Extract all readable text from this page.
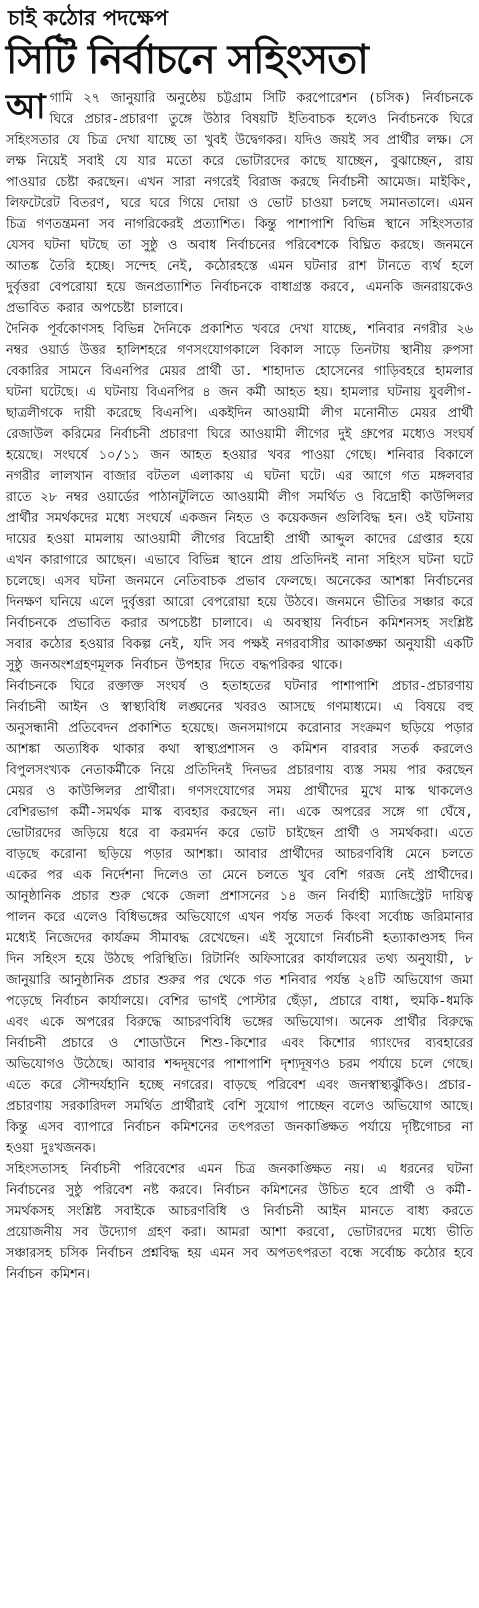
চাই কঠোর পদক্ষেপ
সিটি নির্বাচনে সহিংসতা

আগামি ২৭ জানুয়ারি অনুষ্ঠেয় চট্টগ্রাম সিটি করপোরেশন (চসিক) নির্বাচনকে ঘিরে প্রচার-প্রচারণা তুঙ্গে উঠার বিষয়টি ইতিবাচক হলেও নির্বাচনকে ঘিরে সহিংসতার যে চিত্র দেখা যাচ্ছে তা খুবই উদ্বেগকর। যদিও জয়ই সব প্রার্থীর লক্ষ। সে লক্ষ নিয়েই সবাই যে যার মতো করে ভোটারদের কাছে যাচ্ছেন, বুঝাচ্ছেন, রায় পাওয়ার চেষ্টা করছেন। এখন সারা নগরেই বিরাজ করছে নির্বাচনী আমেজ। মাইকিং, লিফটেরেট বিতরণ, ঘরে ঘরে গিয়ে দোয়া ও ভোট চাওয়া চলছে সমানতালে। এমন চিত্র গণতন্ত্রমনা সব নাগরিকেরই প্রত্যাশিত। কিন্তু পাশাপাশি বিভিন্ন স্থানে সহিংসতার যেসব ঘটনা ঘটছে তা সুষ্ঠু ও অবাধ নির্বাচনের পরিবেশকে বিঘ্নিত করছে। জনমনে আতঙ্ক তৈরি হচ্ছে। সন্দেহ নেই, কঠোরহস্তে এমন ঘটনার রাশ টানতে ব্যর্থ হলে দুর্বৃত্তরা বেপরোয়া হয়ে জনপ্রত্যাশিত নির্বাচনকে বাধাগ্রস্ত করবে, এমনকি জনরায়কেও প্রভাবিত করার অপচেষ্টা চালাবে।

দৈনিক পূর্বকোণসহ বিভিন্ন দৈনিকে প্রকাশিত খবরে দেখা যাচ্ছে, শনিবার নগরীর ২৬ নম্বর ওয়ার্ড উত্তর হালিশহরে গণসংযোগকালে বিকাল সাড়ে তিনটায় স্থানীয় রুপসা বেকারির সামনে বিএনপির মেয়র প্রার্থী ডা. শাহাদাত হোসেনের গাড়িবহরে হামলার ঘটনা ঘটেছে। এ ঘটনায় বিএনপির ৪ জন কর্মী আহত হয়। হামলার ঘটনায় যুবলীগ-ছাত্রলীগকে দায়ী করেছে বিএনপি। একইদিন আওয়ামী লীগ মনোনীত মেয়র প্রার্থী রেজাউল করিমের নির্বাচনী প্রচারণা ঘিরে আওয়ামী লীগের দুই গ্রুপের মধ্যেও সংঘর্ষ হয়েছে। সংঘর্ষে ১০/১১ জন আহত হওয়ার খবর পাওয়া গেছে। শনিবার বিকালে নগরীর লালখান বাজার বটতল এলাকায় এ ঘটনা ঘটে। এর আগে গত মঙ্গলবার রাতে ২৮ নম্বর ওয়ার্ডের পাঠানটুলিতে আওয়ামী লীগ সমর্থিত ও বিদ্রোহী কাউন্সিলর প্রার্থীর সমর্থকদের মধ্যে সংঘর্ষে একজন নিহত ও কয়েকজন গুলিবিদ্ধ হন। ওই ঘটনায় দায়ের হওয়া মামলায় আওয়ামী লীগের বিদ্রোহী প্রার্থী আব্দুল কাদের গ্রেপ্তার হয়ে এখন কারাগারে আছেন। এভাবে বিভিন্ন স্থানে প্রায় প্রতিদিনই নানা সহিংস ঘটনা ঘটে চলেছে। এসব ঘটনা জনমনে নেতিবাচক প্রভাব ফেলছে। অনেকের আশঙ্কা নির্বাচনের দিনক্ষণ ঘনিয়ে এলে দুর্বৃত্তরা আরো বেপরোয়া হয়ে উঠবে। জনমনে ভীতির সঞ্চার করে নির্বাচনকে প্রভাবিত করার অপচেষ্টা চালাবে। এ অবস্থায় নির্বাচন কমিশনসহ সংশ্লিষ্ট সবার কঠোর হওয়ার বিকল্প নেই, যদি সব পক্ষই নগরবাসীর আকাঙ্ক্ষা অনুযায়ী একটি সুষ্ঠু জনঅংশগ্রহণমূলক নির্বাচন উপহার দিতে বদ্ধপরিকর থাকে।

নির্বাচনকে ঘিরে রক্তাক্ত সংঘর্ষ ও হতাহতের ঘটনার পাশাপাশি প্রচার-প্রচারণায় নির্বাচনী আইন ও স্বাস্থ্যবিধি লঙ্ঘনের খবরও আসছে গণমাধ্যমে। এ বিষয়ে বহু অনুসন্ধানী প্রতিবেদন প্রকাশিত হয়েছে। জনসমাগমে করোনার সংক্রমণ ছড়িয়ে পড়ার আশঙ্কা অত্যধিক থাকার কথা স্বাস্থ্যপ্রশাসন ও কমিশন বারবার সতর্ক করলেও বিপুলসংখ্যক নেতাকর্মীকে নিয়ে প্রতিদিনই দিনভর প্রচারণায় ব্যস্ত সময় পার করছেন মেয়র ও কাউন্সিলর প্রার্থীরা। গণসংযোগের সময় প্রার্থীদের মুখে মাস্ক থাকলেও বেশিরভাগ কর্মী-সমর্থক মাস্ক ব্যবহার করছেন না। একে অপরের সঙ্গে গা ঘেঁষে, ভোটারদের জড়িয়ে ধরে বা করমর্দন করে ভোট চাইছেন প্রার্থী ও সমর্থকরা। এতে বাড়ছে করোনা ছড়িয়ে পড়ার আশঙ্কা। আবার প্রার্থীদের আচরণবিধি মেনে চলতে একের পর এক নির্দেশনা দিলেও তা মেনে চলতে খুব বেশি গরজ নেই প্রার্থীদের। আনুষ্ঠানিক প্রচার শুরু থেকে জেলা প্রশাসনের ১৪ জন নির্বাহী ম্যাজিস্ট্রেট দায়িত্ব পালন করে এলেও বিধিভঙ্গের অভিযোগে এখন পর্যন্ত সতর্ক কিংবা সর্বোচ্চ জরিমানার মধ্যেই নিজেদের কার্যক্রম সীমাবদ্ধ রেখেছেন। এই সুযোগে নির্বাচনী হত্যাকাণ্ডসহ দিন দিন সহিংস হয়ে উঠছে পরিস্থিতি। রিটার্নিং অফিসারের কার্যালয়ের তথ্য অনুযায়ী, ৮ জানুয়ারি আনুষ্ঠানিক প্রচার শুরুর পর থেকে গত শনিবার পর্যন্ত ২৪টি অভিযোগ জমা পড়েছে নির্বাচন কার্যালয়ে। বেশির ভাগই পোস্টার ছেঁড়া, প্রচারে বাধা, হুমকি-ধমকি এবং একে অপরের বিরুদ্ধে আচরণবিধি ভঙ্গের অভিযোগ। অনেক প্রার্থীর বিরুদ্ধে নির্বাচনী প্রচারে ও শোডাউনে শিশু-কিশোর এবং কিশোর গ্যাংদের ব্যবহারের অভিযোগও উঠেছে। আবার শব্দদূষণের পাশাপাশি দৃশ্যদূষণও চরম পর্যায়ে চলে গেছে। এতে করে সৌন্দর্যহানি হচ্ছে নগরের। বাড়ছে পরিবেশ এবং জনস্বাস্থ্যঝুঁকিও। প্রচার-প্রচারণায় সরকারিদল সমর্থিত প্রার্থীরাই বেশি সুযোগ পাচ্ছেন বলেও অভিযোগ আছে। কিন্তু এসব ব্যাপারে নির্বাচন কমিশনের তৎপরতা জনকাঙ্ক্ষিত পর্যায়ে দৃষ্টিগোচর না হওয়া দুঃখজনক।

সহিংসতাসহ নির্বাচনী পরিবেশের এমন চিত্র জনকাঙ্ক্ষিত নয়। এ ধরনের ঘটনা নির্বাচনের সুষ্ঠু পরিবেশ নষ্ট করবে। নির্বাচন কমিশনের উচিত হবে প্রার্থী ও কর্মী-সমর্থকসহ সংশ্লিষ্ট সবাইকে আচরণবিধি ও নির্বাচনী আইন মানতে বাধ্য করতে প্রয়োজনীয় সব উদ্যোগ গ্রহণ করা। আমরা আশা করবো, ভোটারদের মধ্যে ভীতি সঞ্চারসহ চসিক নির্বাচন প্রশ্নবিদ্ধ হয় এমন সব অপতৎপরতা বন্ধে সর্বোচ্চ কঠোর হবে নির্বাচন কমিশন।
